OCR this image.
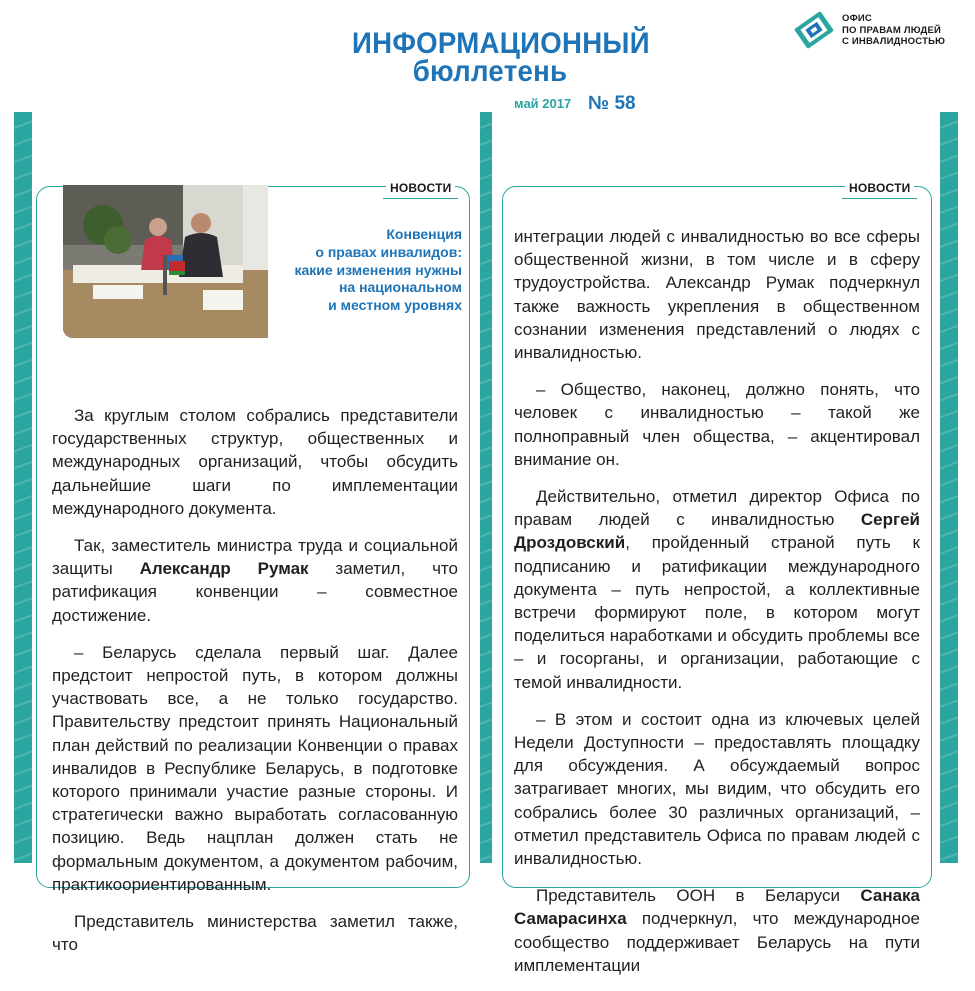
ИНФОРМАЦИОННЫЙ
бюллетень
май 2017 № 58
ОФИС
ПО ПРАВАМ ЛЮДЕЙ
С ИНВАЛИДНОСТЬЮ
НОВОСТИ	НОВОСТИ
Конвенция
о правах инвалидов:
какие изменения нужны
на национальном
и местном уровнях

За круглым столом собрались представители государственных структур, общественных и международных организаций, чтобы обсудить дальнейшие шаги по имплементации международного документа.

Так, заместитель министра труда и социальной защиты Александр Румак заметил, что ратификация конвенции – совместное достижение.

– Беларусь сделала первый шаг. Далее предстоит непростой путь, в котором должны участвовать все, а не только государство. Правительству предстоит принять Национальный план действий по реализации Конвенции о правах инвалидов в Республике Беларусь, в подготовке которого принимали участие разные стороны. И стратегически важно выработать согласованную позицию. Ведь нацплан должен стать не формальным документом, а документом рабочим, практикоориентированным.

Представитель министерства заметил также, что

интеграции людей с инвалидностью во все сферы общественной жизни, в том числе и в сферу трудоустройства. Александр Румак подчеркнул также важность укрепления в общественном сознании изменения представлений о людях с инвалидностью.

– Общество, наконец, должно понять, что человек с инвалидностью – такой же полноправный член общества, – акцентировал внимание он.

Действительно, отметил директор Офиса по правам людей с инвалидностью Сергей Дроздовский, пройденный страной путь к подписанию и ратификации международного документа – путь непростой, а коллективные встречи формируют поле, в котором могут поделиться наработками и обсудить проблемы все – и госорганы, и организации, работающие с темой инвалидности.

– В этом и состоит одна из ключевых целей Недели Доступности – предоставлять площадку для обсуждения. А обсуждаемый вопрос затрагивает многих, мы видим, что обсудить его собрались более 30 различных организаций, – отметил представитель Офиса по правам людей с инвалидностью.

Представитель ООН в Беларуси Санака Самарасинха подчеркнул, что международное сообщество поддерживает Беларусь на пути имплементации
